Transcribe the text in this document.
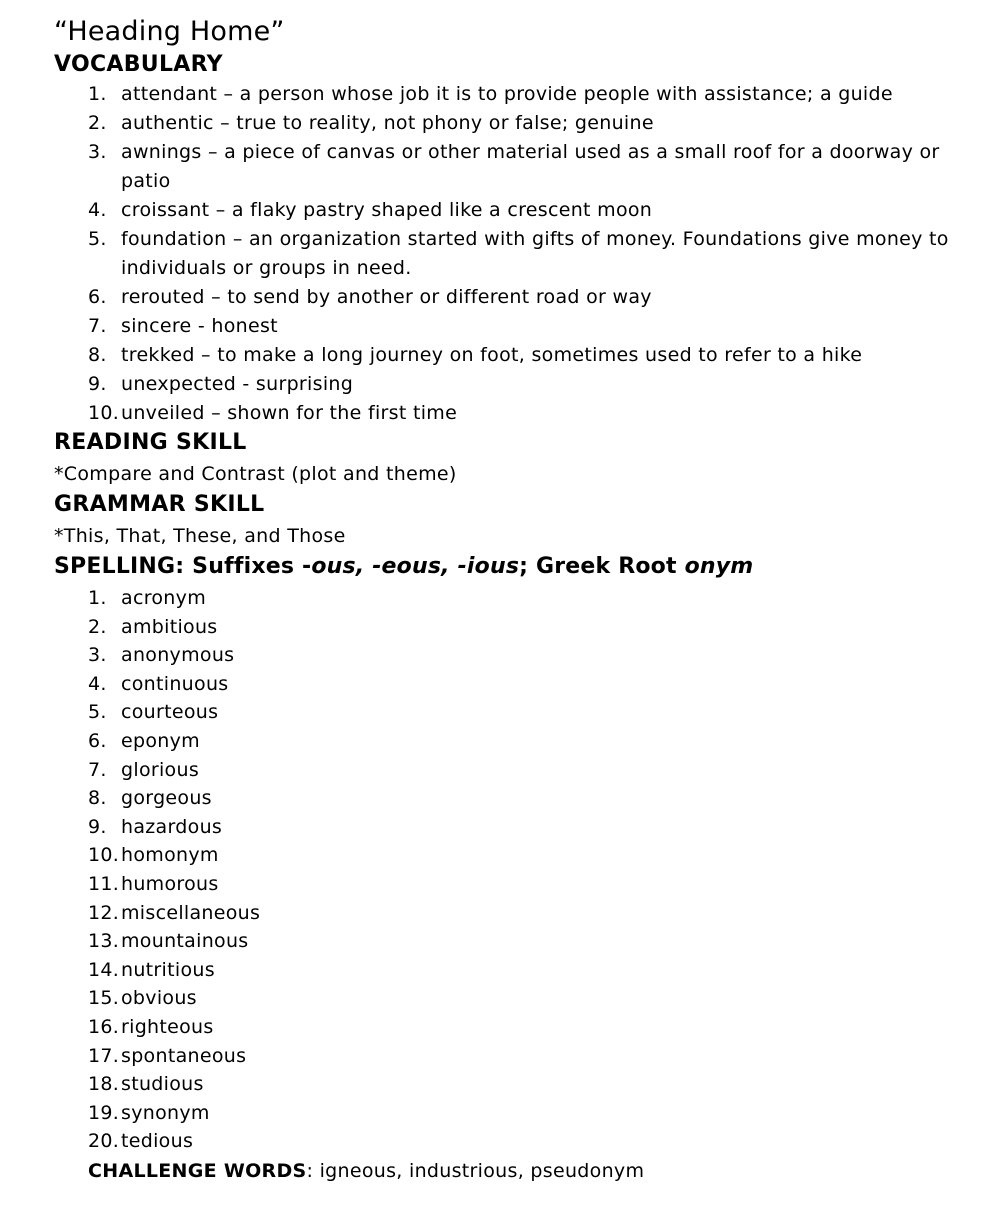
“Heading Home”
VOCABULARY
1. attendant – a person whose job it is to provide people with assistance; a guide
2. authentic – true to reality, not phony or false; genuine
3. awnings – a piece of canvas or other material used as a small roof for a doorway or patio
4. croissant – a flaky pastry shaped like a crescent moon
5. foundation – an organization started with gifts of money. Foundations give money to individuals or groups in need.
6. rerouted – to send by another or different road or way
7. sincere - honest
8. trekked – to make a long journey on foot, sometimes used to refer to a hike
9. unexpected - surprising
10. unveiled – shown for the first time
READING SKILL
*Compare and Contrast (plot and theme)
GRAMMAR SKILL
*This, That, These, and Those
SPELLING: Suffixes -ous, -eous, -ious; Greek Root onym
1. acronym
2. ambitious
3. anonymous
4. continuous
5. courteous
6. eponym
7. glorious
8. gorgeous
9. hazardous
10. homonym
11. humorous
12. miscellaneous
13. mountainous
14. nutritious
15. obvious
16. righteous
17. spontaneous
18. studious
19. synonym
20. tedious
CHALLENGE WORDS: igneous, industrious, pseudonym
